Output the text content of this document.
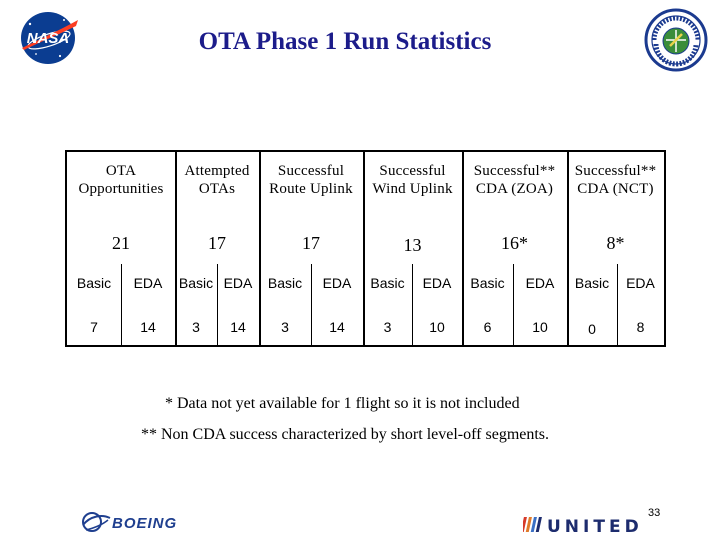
NASA	OTA Phase 1 Run Statistics
OTA
Opportunities
Attempted
OTAs
Successful
Route Uplink
Successful
Wind Uplink
Successful**
CDA (ZOA)
Successful**
CDA (NCT)
21	17	17	13	16*	8*
Basic	EDA	Basic EDA	Basic	EDA	Basic	EDA	Basic	EDA	Basic	EDA
7	14	3	14	3	14	3	10	6	10	0	8
* Data not yet available for 1 flight so it is not included
** Non CDA success characterized by short level-off segments.
BOEING	UNITED
33
